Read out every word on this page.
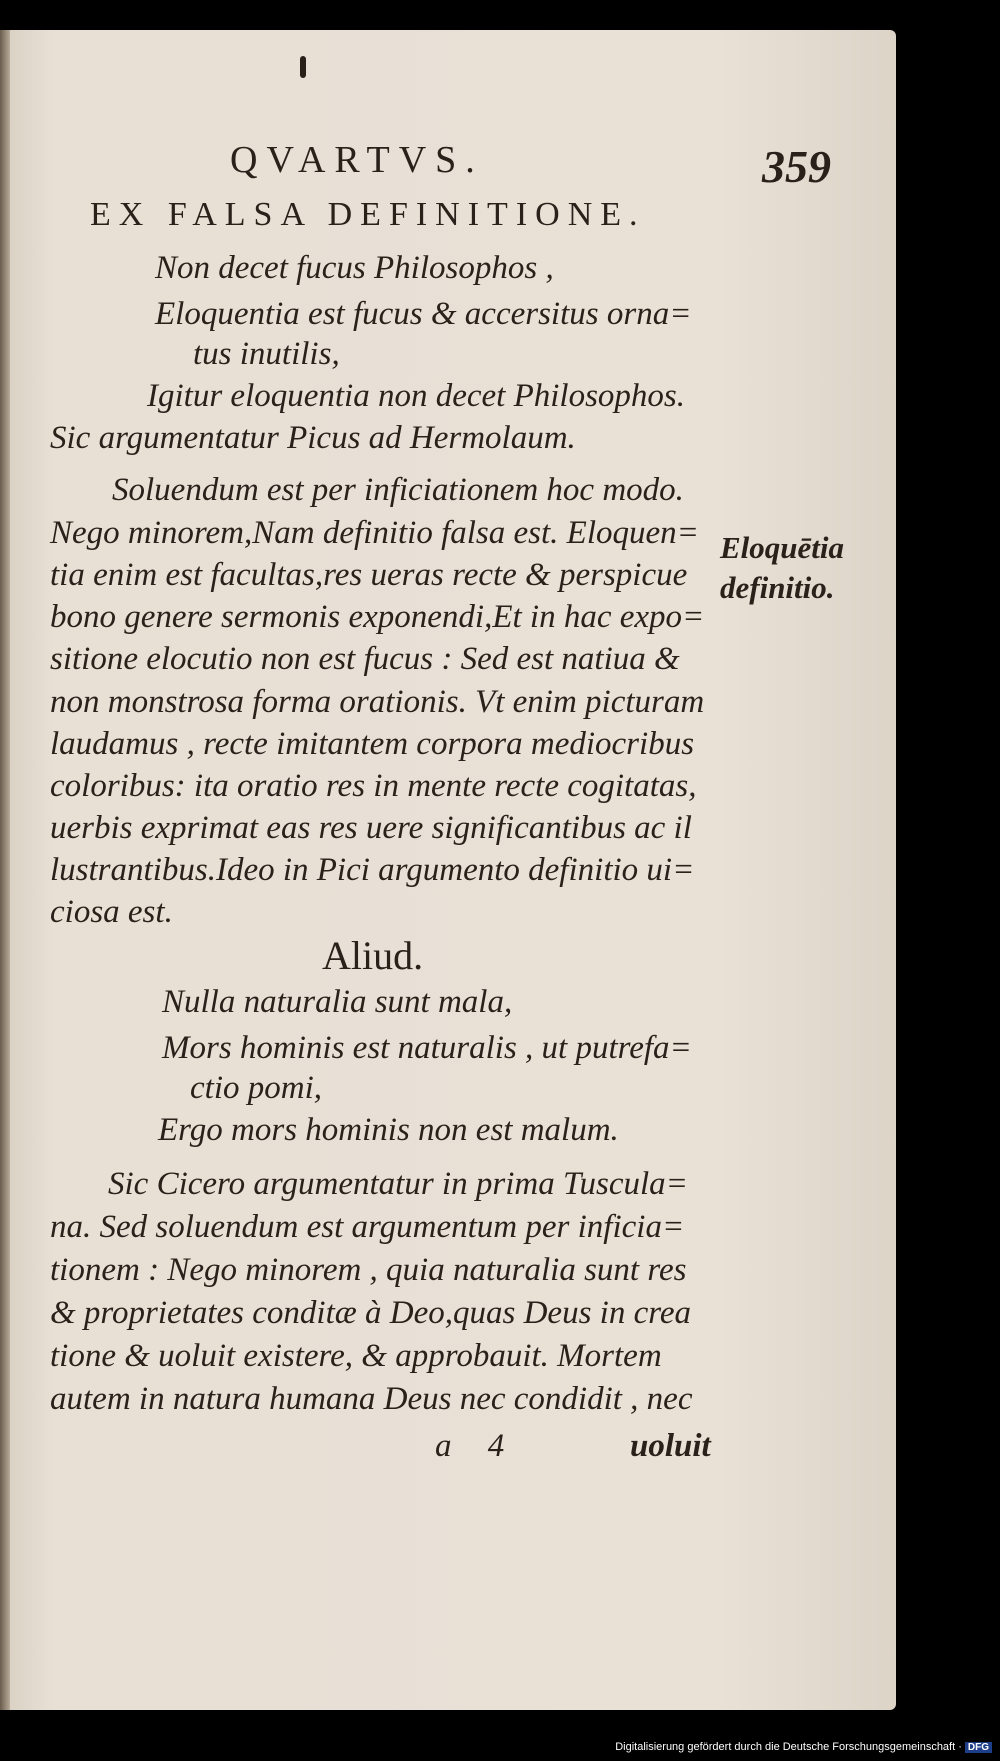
QVARTVS.	359
EX FALSA DEFINITIONE.
Non decet fucus Philosophos ,
Eloquentia est fucus & accersitus orna=
tus inutilis,
Igitur eloquentia non decet Philosophos.
Sic argumentatur Picus ad Hermolaum.
Soluendum est per inficiationem hoc modo.
Nego minorem,Nam definitio falsa est. Eloquen=
tia enim est facultas,res ueras recte & perspicue
bono genere sermonis exponendi,Et in hac expo=
sitione elocutio non est fucus : Sed est natiua &
non monstrosa forma orationis. Vt enim picturam
laudamus , recte imitantem corpora mediocribus
coloribus: ita oratio res in mente recte cogitatas,
uerbis exprimat eas res uere significantibus ac il
lustrantibus.Ideo in Pici argumento definitio ui=
ciosa est.
Eloquētia
definitio.
Aliud.
Nulla naturalia sunt mala,
Mors hominis est naturalis , ut putrefa=
ctio pomi,
Ergo mors hominis non est malum.
Sic Cicero argumentatur in prima Tuscula=
na. Sed soluendum est argumentum per inficia=
tionem : Nego minorem , quia naturalia sunt res
& proprietates conditæ à Deo,quas Deus in crea
tione & uoluit existere, & approbauit. Mortem
autem in natura humana Deus nec condidit , nec
a 4	uoluit
Digitalisierung gefördert durch die Deutsche Forschungsgemeinschaft · DFG
